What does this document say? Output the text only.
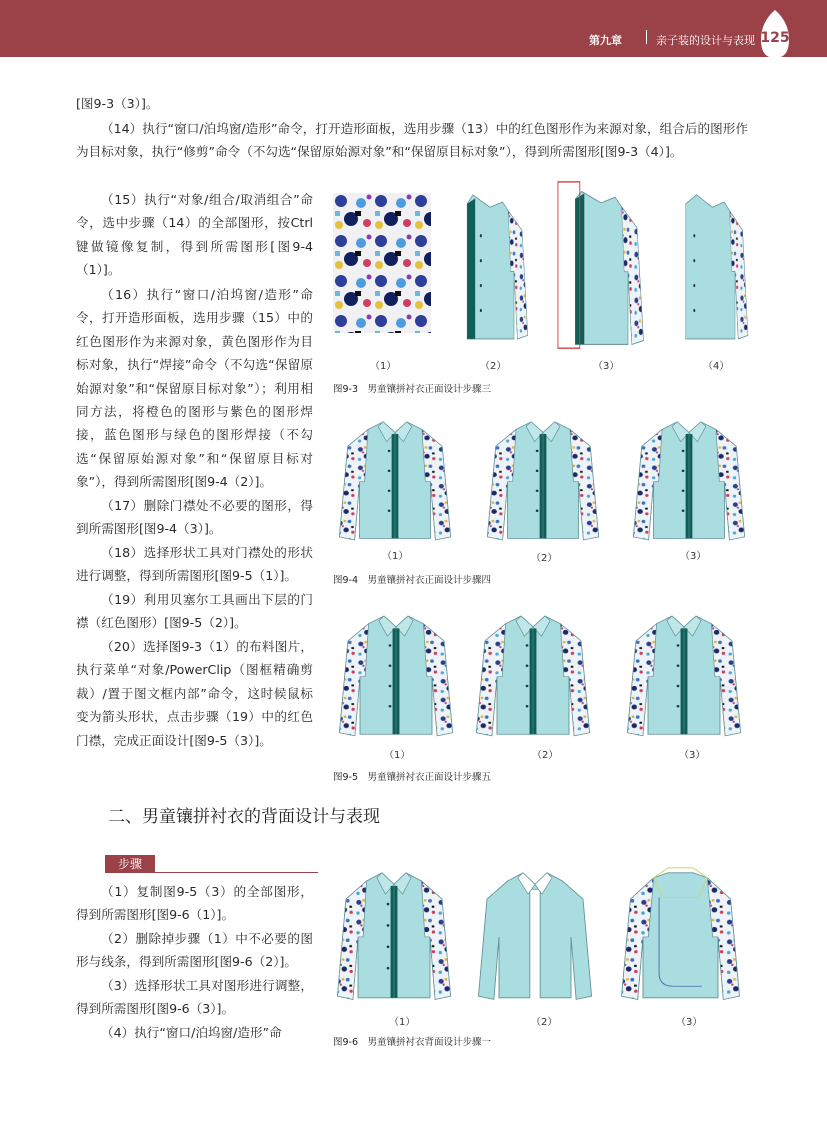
第九章	亲子装的设计与表现 125

[图9-3（3）]。

（14）执行“窗口/泊坞窗/造形”命令，打开造形面板，选用步骤（13）中的红色图形作为来源对象，组合后的图形作为目标对象，执行“修剪”命令（不勾选“保留原始源对象”和“保留原目标对象”），得到所需图形[图9-3（4）]。

（15）执行“对象/组合/取消组合”命令，选中步骤（14）的全部图形，按Ctrl键做镜像复制，得到所需图形[图9-4（1）]。

（16）执行“窗口/泊坞窗/造形”命令，打开造形面板，选用步骤（15）中的红色图形作为来源对象，黄色图形作为目标对象，执行“焊接”命令（不勾选“保留原始源对象”和“保留原目标对象”）；利用相同方法，将橙色的图形与紫色的图形焊接，蓝色图形与绿色的图形焊接（不勾选“保留原始源对象”和“保留原目标对象”），得到所需图形[图9-4（2）]。

（17）删除门襟处不必要的图形，得到所需图形[图9-4（3）]。

（18）选择形状工具对门襟处的形状进行调整，得到所需图形[图9-5（1）]。

（19）利用贝塞尔工具画出下层的门襟（红色图形）[图9-5（2）]。

（20）选择图9-3（1）的布料图片，执行菜单“对象/PowerClip（图框精确剪裁）/置于图文框内部”命令，这时候鼠标变为箭头形状，点击步骤（19）中的红色门襟，完成正面设计[图9-5（3）]。

（1）	（2）	（3）	（4）
图9-3　男童镶拼衬衣正面设计步骤三
（1）	（2）	（3）
图9-4　男童镶拼衬衣正面设计步骤四
（1）	（2）	（3）
图9-5　男童镶拼衬衣正面设计步骤五
二、男童镶拼衬衣的背面设计与表现
步骤

（1）复制图9-5（3）的全部图形，得到所需图形[图9-6（1）]。

（2）删除掉步骤（1）中不必要的图形与线条，得到所需图形[图9-6（2）]。

（3）选择形状工具对图形进行调整，得到所需图形[图9-6（3）]。

（4）执行“窗口/泊坞窗/造形”命

（1）	（2）	（3）
图9-6　男童镶拼衬衣背面设计步骤一
